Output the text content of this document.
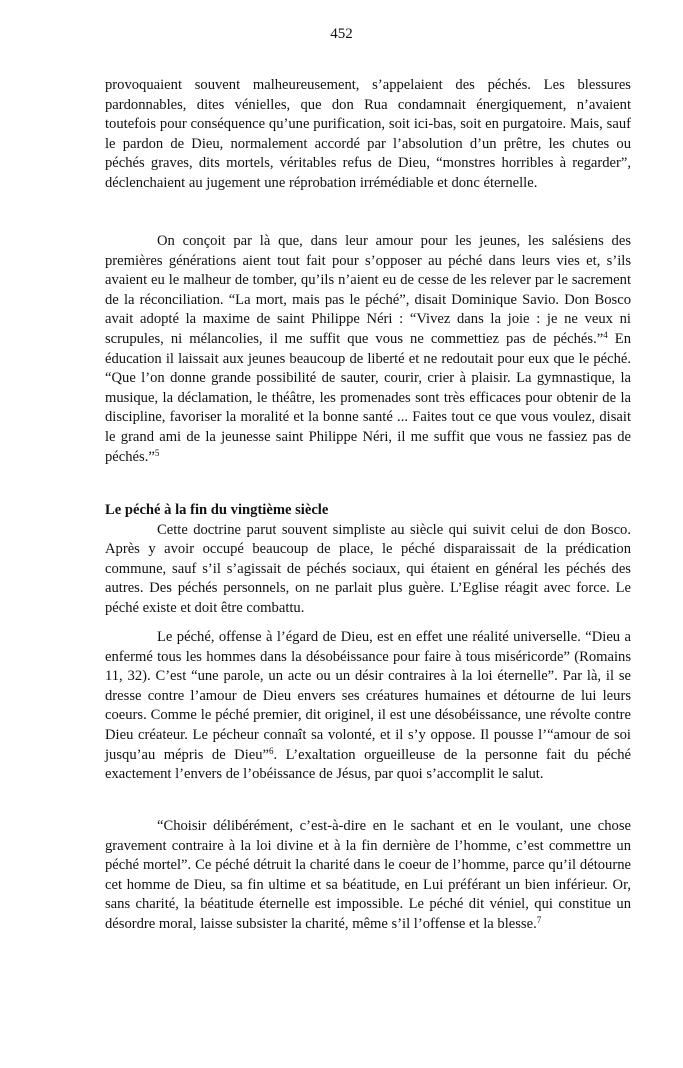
452

provoquaient souvent malheureusement, s’appelaient des péchés. Les blessures pardonnables, dites vénielles, que don Rua condamnait énergiquement, n’avaient toutefois pour conséquence qu’une purification, soit ici-bas, soit en purgatoire. Mais, sauf le pardon de Dieu, normalement accordé par l’absolution d’un prêtre, les chutes ou péchés graves, dits mortels, véritables refus de Dieu, “monstres horribles à regarder”, déclenchaient au jugement une réprobation irrémédiable et donc éternelle.

On conçoit par là que, dans leur amour pour les jeunes, les salésiens des premières générations aient tout fait pour s’opposer au péché dans leurs vies et, s’ils avaient eu le malheur de tomber, qu’ils n’aient eu de cesse de les relever par le sacrement de la réconciliation. “La mort, mais pas le péché”, disait Dominique Savio. Don Bosco avait adopté la maxime de saint Philippe Néri : “Vivez dans la joie : je ne veux ni scrupules, ni mélancolies, il me suffit que vous ne commettiez pas de péchés.”$^4$ En éducation il laissait aux jeunes beaucoup de liberté et ne redoutait pour eux que le péché. “Que l’on donne grande possibilité de sauter, courir, crier à plaisir. La gymnastique, la musique, la déclamation, le théâtre, les promenades sont très efficaces pour obtenir de la discipline, favoriser la moralité et la bonne santé ... Faites tout ce que vous voulez, disait le grand ami de la jeunesse saint Philippe Néri, il me suffit que vous ne fassiez pas de péchés.”$^5$

Le péché à la fin du vingtième siècle

Cette doctrine parut souvent simpliste au siècle qui suivit celui de don Bosco. Après y avoir occupé beaucoup de place, le péché disparaissait de la prédication commune, sauf s’il s’agissait de péchés sociaux, qui étaient en général les péchés des autres. Des péchés personnels, on ne parlait plus guère. L’Eglise réagit avec force. Le péché existe et doit être combattu.

Le péché, offense à l’égard de Dieu, est en effet une réalité universelle. “Dieu a enfermé tous les hommes dans la désobéissance pour faire à tous miséricorde” (Romains 11, 32). C’est “une parole, un acte ou un désir contraires à la loi éternelle”. Par là, il se dresse contre l’amour de Dieu envers ses créatures humaines et détourne de lui leurs coeurs. Comme le péché premier, dit originel, il est une désobéissance, une révolte contre Dieu créateur. Le pécheur connaît sa volonté, et il s’y oppose. Il pousse l’“amour de soi jusqu’au mépris de Dieu”$^6$. L’exaltation orgueilleuse de la personne fait du péché exactement l’envers de l’obéissance de Jésus, par quoi s’accomplit le salut.

“Choisir délibérément, c’est-à-dire en le sachant et en le voulant, une chose gravement contraire à la loi divine et à la fin dernière de l’homme, c’est commettre un péché mortel”. Ce péché détruit la charité dans le coeur de l’homme, parce qu’il détourne cet homme de Dieu, sa fin ultime et sa béatitude, en Lui préférant un bien inférieur. Or, sans charité, la béatitude éternelle est impossible. Le péché dit véniel, qui constitue un désordre moral, laisse subsister la charité, même s’il l’offense et la blesse.$^7$
